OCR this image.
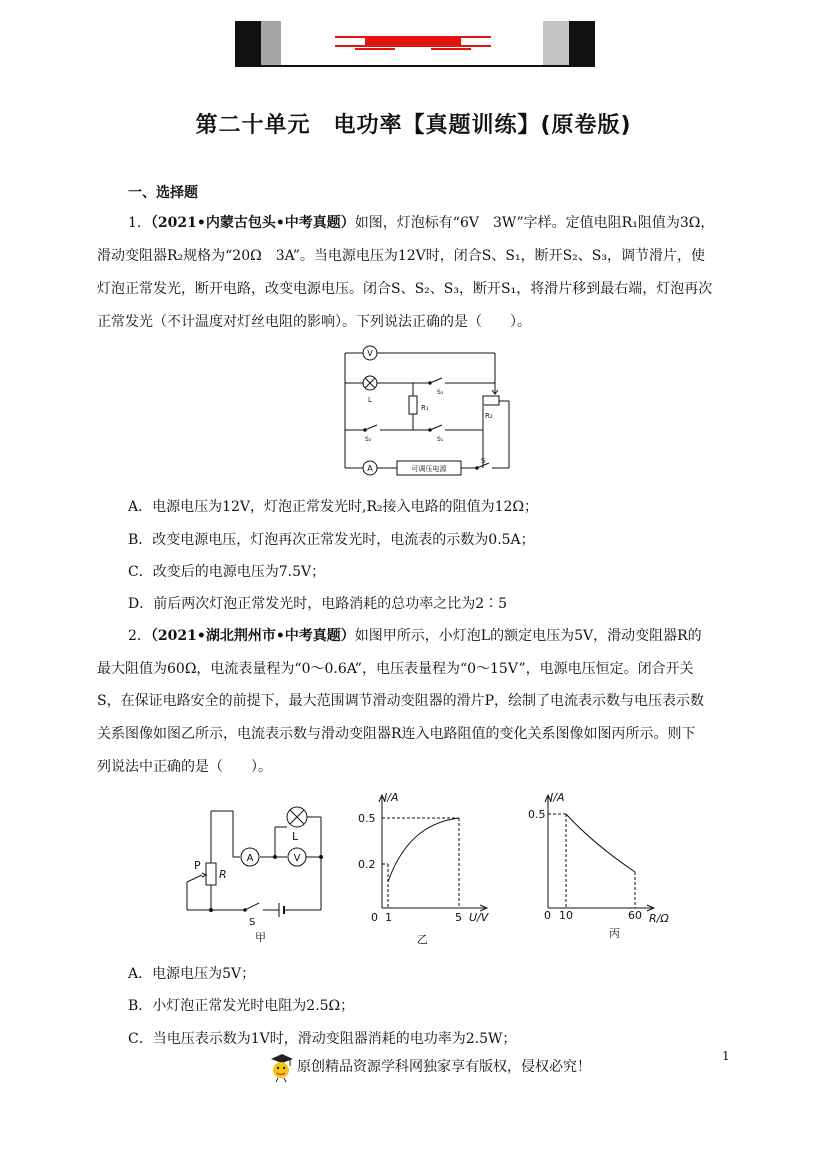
第二十单元　电功率【真题训练】(原卷版)
一、选择题
1．（2021•内蒙古包头•中考真题）如图，灯泡标有“6V　3W”字样。定值电阻R₁阻值为3Ω，
滑动变阻器R₂规格为“20Ω　3A”。当电源电压为12V时，闭合S、S₁，断开S₂、S₃，调节滑片，使
灯泡正常发光，断开电路，改变电源电压。闭合S、S₂、S₃，断开S₁，将滑片移到最右端，灯泡再次
正常发光（不计温度对灯丝电阻的影响）。下列说法正确的是（　　）。
V
L
S₃
R₁
R₂
S₂	S₁
A	可调压电源
S
A．电源电压为12V，灯泡正常发光时,R₂接入电路的阻值为12Ω；
B．改变电源电压，灯泡再次正常发光时，电流表的示数为0.5A；
C．改变后的电源电压为7.5V；
D．前后两次灯泡正常发光时，电路消耗的总功率之比为2∶5
2．（2021•湖北荆州市•中考真题）如图甲所示，小灯泡L的额定电压为5V，滑动变阻器R的
最大阻值为60Ω，电流表量程为“0～0.6A”，电压表量程为“0～15V”，电源电压恒定。闭合开关
S，在保证电路安全的前提下，最大范围调节滑动变阻器的滑片P，绘制了电流表示数与电压表示数
关系图像如图乙所示，电流表示数与滑动变阻器R连入电路阻值的变化关系图像如图丙所示。则下
列说法中正确的是（　　）。
P
R
A	V
L
S
甲
I/A
0.5
0.2
0 1	5 U/V
乙
I/A
0.5
0 10	60 R/Ω
丙
A．电源电压为5V；
B．小灯泡正常发光时电阻为2.5Ω；
C．当电压表示数为1V时，滑动变阻器消耗的电功率为2.5W；
1
原创精品资源学科网独家享有版权，侵权必究！
